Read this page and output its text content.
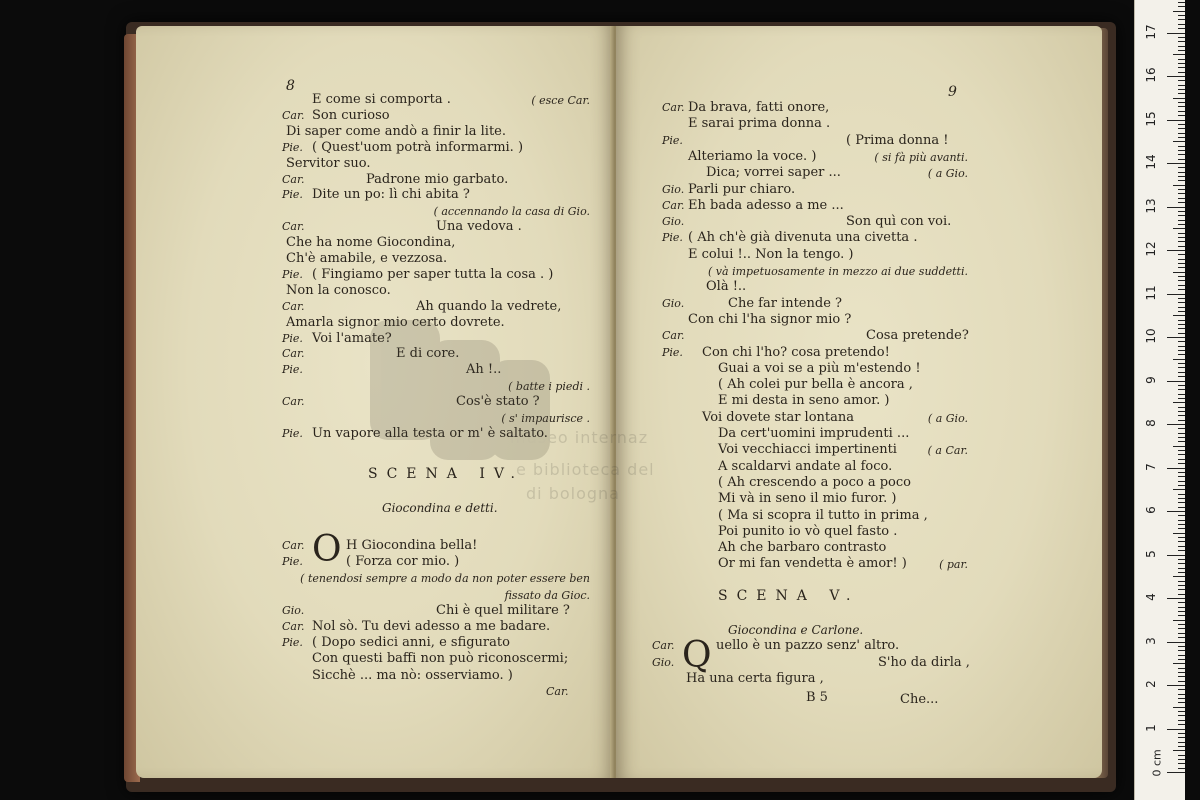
8
E come si comporta .	( esce Car.
Car. Son curioso
Di saper come andò a finir la lite.
Pie. ( Quest'uom potrà informarmi. )
Servitor suo.
Car.	Padrone mio garbato.
Pie. Dite un po: lì chi abita ?
( accennando la casa di Gio.
Car.	Una vedova .
Che ha nome Giocondina,
Ch'è amabile, e vezzosa.
Pie. ( Fingiamo per saper tutta la cosa . )
Non la conosco.
Car.	Ah quando la vedrete,
Amarla signor mio certo dovrete.
Pie. Voi l'amate?
Car.	E di core.
Pie.	Ah !..
( batte i piedi .
Car.	Cos'è stato ?
( s' impaurisce .
Pie. Un vapore alla testa or m' è saltato.
SCENA IV.
Giocondina e detti.
O
Car.	H Giocondina bella!
Pie.	( Forza cor mio. )
( tenendosi sempre a modo da non poter essere ben
fissato da Gioc.
Gio.	Chi è quel militare ?
Car. Nol sò. Tu devi adesso a me badare.
Pie. ( Dopo sedici anni, e sfigurato
Con questi baffi non può riconoscermi;
Sicchè ... ma nò: osserviamo. )
Car.
9
Car. Da brava, fatti onore,
E sarai prima donna .
Pie.	( Prima donna !
Alteriamo la voce. )	( si fà più avanti.
Dica; vorrei saper ...	( a Gio.
Gio. Parli pur chiaro.
Car. Eh bada adesso a me ...
Gio.	Son quì con voi.
Pie. ( Ah ch'è già divenuta una civetta .
E colui !.. Non la tengo. )
( và impetuosamente in mezzo ai due suddetti.
Olà !..
Gio.	Che far intende ?
Con chi l'ha signor mio ?
Car.	Cosa pretende?
Pie. Con chi l'ho? cosa pretendo!
Guai a voi se a più m'estendo !
( Ah colei pur bella è ancora ,
E mi desta in seno amor. )
Voi dovete star lontana	( a Gio.
Da cert'uomini imprudenti ...
Voi vecchiacci impertinenti	( a Car.
A scaldarvi andate al foco.
( Ah crescendo a poco a poco
Mi và in seno il mio furor. )
( Ma si scopra il tutto in prima ,
Poi punito io vò quel fasto .
Ah che barbaro contrasto
Or mi fan vendetta è amor! )	( par.
SCENA V.
Giocondina e Carlone.
Q
Car.	uello è un pazzo senz' altro.
Gio.	S'ho da dirla ,
Ha una certa figura ,
B 5	Che...
0 cm
1
2
3
4
5
6
7
8
9
10
11
12
13
14
15
16
17
